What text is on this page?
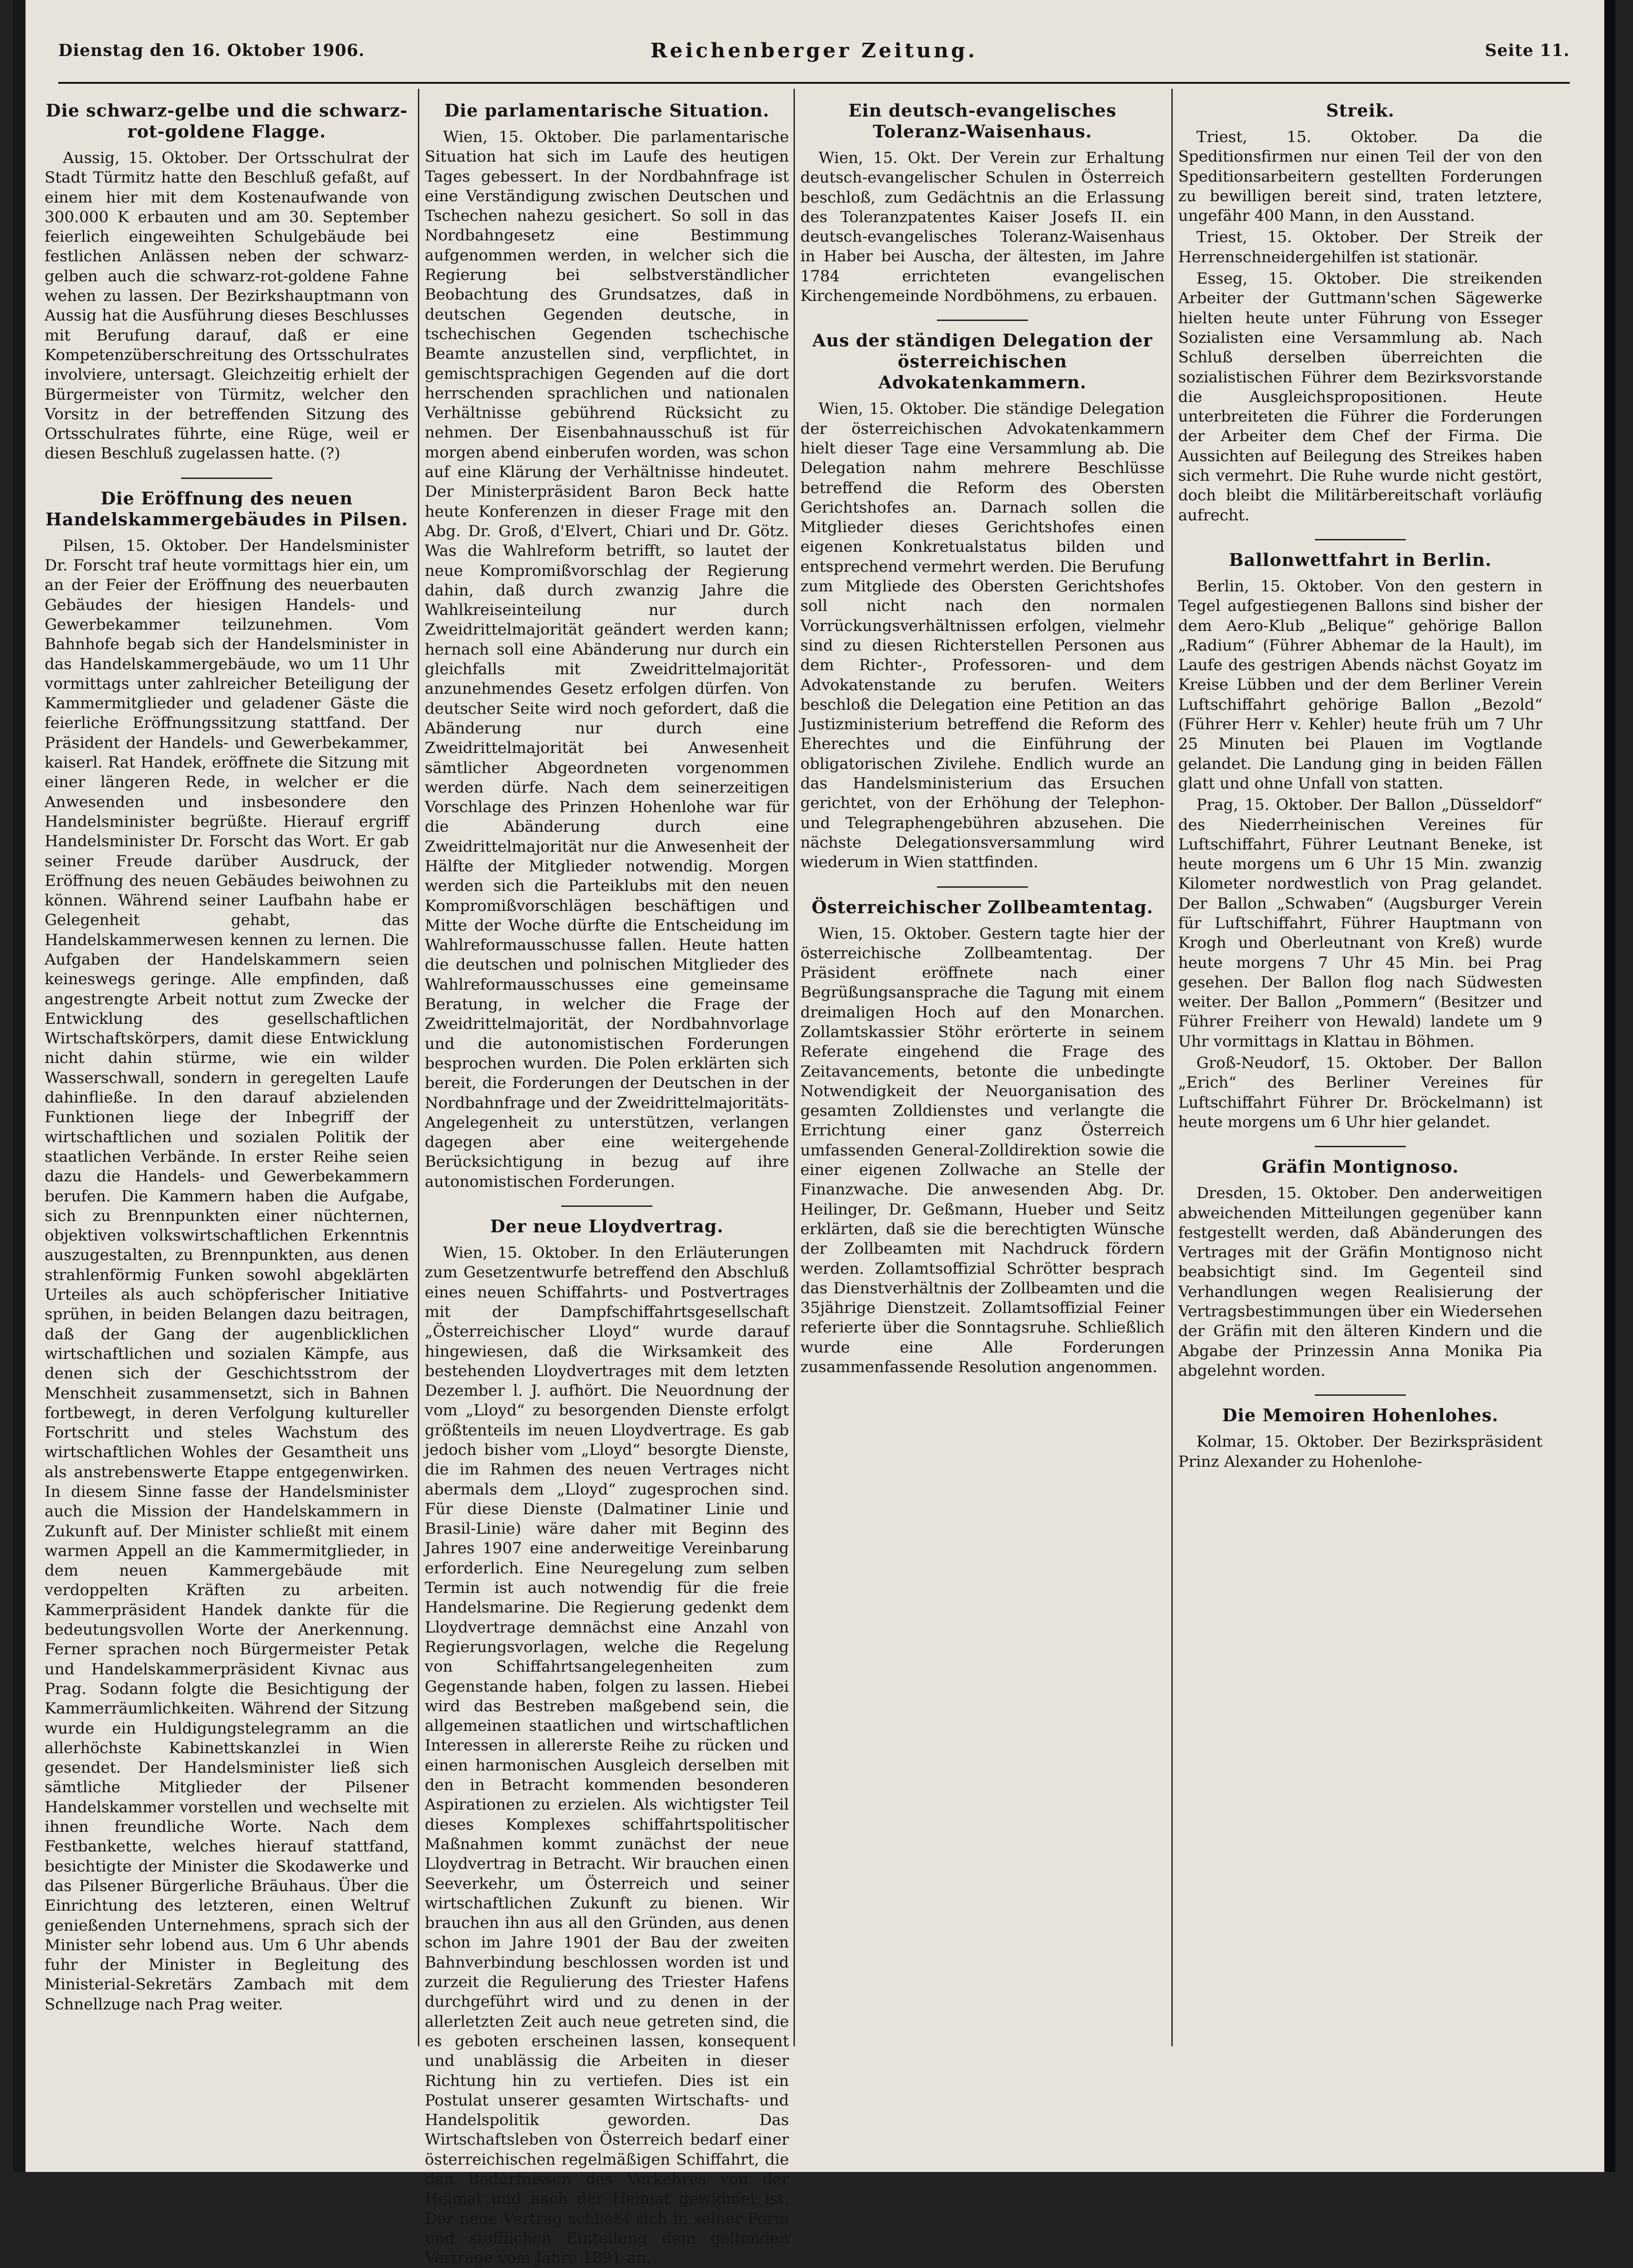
Dienstag den 16. Oktober 1906.	Reichenberger Zeitung.	Seite 11.
Die schwarz-gelbe und die schwarz-rot-goldene Flagge.

Aussig, 15. Oktober. Der Ortsschulrat der Stadt Türmitz hatte den Beschluß gefaßt, auf einem hier mit dem Kostenaufwande von 300.000 K erbauten und am 30. September feierlich eingeweihten Schulgebäude bei festlichen Anlässen neben der schwarz-gelben auch die schwarz-rot-goldene Fahne wehen zu lassen. Der Bezirkshauptmann von Aussig hat die Ausführung dieses Beschlusses mit Berufung darauf, daß er eine Kompetenzüberschreitung des Ortsschulrates involviere, untersagt. Gleichzeitig erhielt der Bürgermeister von Türmitz, welcher den Vorsitz in der betreffenden Sitzung des Ortsschulrates führte, eine Rüge, weil er diesen Beschluß zugelassen hatte. (?)

Die Eröffnung des neuen Handelskammergebäudes in Pilsen.

Pilsen, 15. Oktober. Der Handelsminister Dr. Forscht traf heute vormittags hier ein, um an der Feier der Eröffnung des neuerbauten Gebäudes der hiesigen Handels- und Gewerbekammer teilzunehmen. Vom Bahnhofe begab sich der Handelsminister in das Handelskammergebäude, wo um 11 Uhr vormittags unter zahlreicher Beteiligung der Kammermitglieder und geladener Gäste die feierliche Eröffnungssitzung stattfand. Der Präsident der Handels- und Gewerbekammer, kaiserl. Rat Handek, eröffnete die Sitzung mit einer längeren Rede, in welcher er die Anwesenden und insbesondere den Handelsminister begrüßte. Hierauf ergriff Handelsminister Dr. Forscht das Wort. Er gab seiner Freude darüber Ausdruck, der Eröffnung des neuen Gebäudes beiwohnen zu können. Während seiner Laufbahn habe er Gelegenheit gehabt, das Handelskammerwesen kennen zu lernen. Die Aufgaben der Handelskammern seien keineswegs geringe. Alle empfinden, daß angestrengte Arbeit nottut zum Zwecke der Entwicklung des gesellschaftlichen Wirtschaftskörpers, damit diese Entwicklung nicht dahin stürme, wie ein wilder Wasserschwall, sondern in geregelten Laufe dahinfließe. In den darauf abzielenden Funktionen liege der Inbegriff der wirtschaftlichen und sozialen Politik der staatlichen Verbände. In erster Reihe seien dazu die Handels- und Gewerbekammern berufen. Die Kammern haben die Aufgabe, sich zu Brennpunkten einer nüchternen, objektiven volkswirtschaftlichen Erkenntnis auszugestalten, zu Brennpunkten, aus denen strahlenförmig Funken sowohl abgeklärten Urteiles als auch schöpferischer Initiative sprühen, in beiden Belangen dazu beitragen, daß der Gang der augenblicklichen wirtschaftlichen und sozialen Kämpfe, aus denen sich der Geschichtsstrom der Menschheit zusammensetzt, sich in Bahnen fortbewegt, in deren Verfolgung kultureller Fortschritt und steles Wachstum des wirtschaftlichen Wohles der Gesamtheit uns als anstrebenswerte Etappe entgegenwirken. In diesem Sinne fasse der Handelsminister auch die Mission der Handelskammern in Zukunft auf. Der Minister schließt mit einem warmen Appell an die Kammermitglieder, in dem neuen Kammergebäude mit verdoppelten Kräften zu arbeiten. Kammerpräsident Handek dankte für die bedeutungsvollen Worte der Anerkennung. Ferner sprachen noch Bürgermeister Petak und Handelskammerpräsident Kivnac aus Prag. Sodann folgte die Besichtigung der Kammerräumlichkeiten. Während der Sitzung wurde ein Huldigungstelegramm an die allerhöchste Kabinettskanzlei in Wien gesendet. Der Handelsminister ließ sich sämtliche Mitglieder der Pilsener Handelskammer vorstellen und wechselte mit ihnen freundliche Worte. Nach dem Festbankette, welches hierauf stattfand, besichtigte der Minister die Skodawerke und das Pilsener Bürgerliche Bräuhaus. Über die Einrichtung des letzteren, einen Weltruf genießenden Unternehmens, sprach sich der Minister sehr lobend aus. Um 6 Uhr abends fuhr der Minister in Begleitung des Ministerial-Sekretärs Zambach mit dem Schnellzuge nach Prag weiter.

Die parlamentarische Situation.

Wien, 15. Oktober. Die parlamentarische Situation hat sich im Laufe des heutigen Tages gebessert. In der Nordbahnfrage ist eine Verständigung zwischen Deutschen und Tschechen nahezu gesichert. So soll in das Nordbahngesetz eine Bestimmung aufgenommen werden, in welcher sich die Regierung bei selbstverständlicher Beobachtung des Grundsatzes, daß in deutschen Gegenden deutsche, in tschechischen Gegenden tschechische Beamte anzustellen sind, verpflichtet, in gemischtsprachigen Gegenden auf die dort herrschenden sprachlichen und nationalen Verhältnisse gebührend Rücksicht zu nehmen. Der Eisenbahnausschuß ist für morgen abend einberufen worden, was schon auf eine Klärung der Verhältnisse hindeutet. Der Ministerpräsident Baron Beck hatte heute Konferenzen in dieser Frage mit den Abg. Dr. Groß, d'Elvert, Chiari und Dr. Götz. Was die Wahlreform betrifft, so lautet der neue Kompromißvorschlag der Regierung dahin, daß durch zwanzig Jahre die Wahlkreiseinteilung nur durch Zweidrittelmajorität geändert werden kann; hernach soll eine Abänderung nur durch ein gleichfalls mit Zweidrittelmajorität anzunehmendes Gesetz erfolgen dürfen. Von deutscher Seite wird noch gefordert, daß die Abänderung nur durch eine Zweidrittelmajorität bei Anwesenheit sämtlicher Abgeordneten vorgenommen werden dürfe. Nach dem seinerzeitigen Vorschlage des Prinzen Hohenlohe war für die Abänderung durch eine Zweidrittelmajorität nur die Anwesenheit der Hälfte der Mitglieder notwendig. Morgen werden sich die Parteiklubs mit den neuen Kompromißvorschlägen beschäftigen und Mitte der Woche dürfte die Entscheidung im Wahlreformausschusse fallen. Heute hatten die deutschen und polnischen Mitglieder des Wahlreformausschusses eine gemeinsame Beratung, in welcher die Frage der Zweidrittelmajorität, der Nordbahnvorlage und die autonomistischen Forderungen besprochen wurden. Die Polen erklärten sich bereit, die Forderungen der Deutschen in der Nordbahnfrage und der Zweidrittelmajoritäts-Angelegenheit zu unterstützen, verlangen dagegen aber eine weitergehende Berücksichtigung in bezug auf ihre autonomistischen Forderungen.

Der neue Lloydvertrag.

Wien, 15. Oktober. In den Erläuterungen zum Gesetzentwurfe betreffend den Abschluß eines neuen Schiffahrts- und Postvertrages mit der Dampfschiffahrtsgesellschaft „Österreichischer Lloyd“ wurde darauf hingewiesen, daß die Wirksamkeit des bestehenden Lloydvertrages mit dem letzten Dezember l. J. aufhört. Die Neuordnung der vom „Lloyd“ zu besorgenden Dienste erfolgt größtenteils im neuen Lloydvertrage. Es gab jedoch bisher vom „Lloyd“ besorgte Dienste, die im Rahmen des neuen Vertrages nicht abermals dem „Lloyd“ zugesprochen sind. Für diese Dienste (Dalmatiner Linie und Brasil-Linie) wäre daher mit Beginn des Jahres 1907 eine anderweitige Vereinbarung erforderlich. Eine Neuregelung zum selben Termin ist auch notwendig für die freie Handelsmarine. Die Regierung gedenkt dem Lloydvertrage demnächst eine Anzahl von Regierungsvorlagen, welche die Regelung von Schiffahrtsangelegenheiten zum Gegenstande haben, folgen zu lassen. Hiebei wird das Bestreben maßgebend sein, die allgemeinen staatlichen und wirtschaftlichen Interessen in allererste Reihe zu rücken und einen harmonischen Ausgleich derselben mit den in Betracht kommenden besonderen Aspirationen zu erzielen. Als wichtigster Teil dieses Komplexes schiffahrtspolitischer Maßnahmen kommt zunächst der neue Lloydvertrag in Betracht. Wir brauchen einen Seeverkehr, um Österreich und seiner wirtschaftlichen Zukunft zu bienen. Wir brauchen ihn aus all den Gründen, aus denen schon im Jahre 1901 der Bau der zweiten Bahnverbindung beschlossen worden ist und zurzeit die Regulierung des Triester Hafens durchgeführt wird und zu denen in der allerletzten Zeit auch neue getreten sind, die es geboten erscheinen lassen, konsequent und unablässig die Arbeiten in dieser Richtung hin zu vertiefen. Dies ist ein Postulat unserer gesamten Wirtschafts- und Handelspolitik geworden. Das Wirtschaftsleben von Österreich bedarf einer österreichischen regelmäßigen Schiffahrt, die den Bedürfnissen des Verkehres von der Heimat und nach der Heimat gewidmet ist. Der neue Vertrag schließt sich in seiner Form und stofflichen Einteilung dem geltenden Vertrage vom Jahre 1891 an.

Ein deutsch-evangelisches Toleranz-Waisenhaus.

Wien, 15. Okt. Der Verein zur Erhaltung deutsch-evangelischer Schulen in Österreich beschloß, zum Gedächtnis an die Erlassung des Toleranzpatentes Kaiser Josefs II. ein deutsch-evangelisches Toleranz-Waisenhaus in Haber bei Auscha, der ältesten, im Jahre 1784 errichteten evangelischen Kirchengemeinde Nordböhmens, zu erbauen.

Aus der ständigen Delegation der österreichischen Advokatenkammern.

Wien, 15. Oktober. Die ständige Delegation der österreichischen Advokatenkammern hielt dieser Tage eine Versammlung ab. Die Delegation nahm mehrere Beschlüsse betreffend die Reform des Obersten Gerichtshofes an. Darnach sollen die Mitglieder dieses Gerichtshofes einen eigenen Konkretualstatus bilden und entsprechend vermehrt werden. Die Berufung zum Mitgliede des Obersten Gerichtshofes soll nicht nach den normalen Vorrückungsverhältnissen erfolgen, vielmehr sind zu diesen Richterstellen Personen aus dem Richter-, Professoren- und dem Advokatenstande zu berufen. Weiters beschloß die Delegation eine Petition an das Justizministerium betreffend die Reform des Eherechtes und die Einführung der obligatorischen Zivilehe. Endlich wurde an das Handelsministerium das Ersuchen gerichtet, von der Erhöhung der Telephon- und Telegraphengebühren abzusehen. Die nächste Delegationsversammlung wird wiederum in Wien stattfinden.

Österreichischer Zollbeamtentag.

Wien, 15. Oktober. Gestern tagte hier der österreichische Zollbeamtentag. Der Präsident eröffnete nach einer Begrüßungsansprache die Tagung mit einem dreimaligen Hoch auf den Monarchen. Zollamtskassier Stöhr erörterte in seinem Referate eingehend die Frage des Zeitavancements, betonte die unbedingte Notwendigkeit der Neuorganisation des gesamten Zolldienstes und verlangte die Errichtung einer ganz Österreich umfassenden General-Zolldirektion sowie die einer eigenen Zollwache an Stelle der Finanzwache. Die anwesenden Abg. Dr. Heilinger, Dr. Geßmann, Hueber und Seitz erklärten, daß sie die berechtigten Wünsche der Zollbeamten mit Nachdruck fördern werden. Zollamtsoffizial Schrötter besprach das Dienstverhältnis der Zollbeamten und die 35jährige Dienstzeit. Zollamtsoffizial Feiner referierte über die Sonntagsruhe. Schließlich wurde eine Alle Forderungen zusammenfassende Resolution angenommen.

Streik.

Triest, 15. Oktober. Da die Speditionsfirmen nur einen Teil der von den Speditionsarbeitern gestellten Forderungen zu bewilligen bereit sind, traten letztere, ungefähr 400 Mann, in den Ausstand.

Triest, 15. Oktober. Der Streik der Herrenschneidergehilfen ist stationär.

Esseg, 15. Oktober. Die streikenden Arbeiter der Guttmann'schen Sägewerke hielten heute unter Führung von Esseger Sozialisten eine Versammlung ab. Nach Schluß derselben überreichten die sozialistischen Führer dem Bezirksvorstande die Ausgleichspropositionen. Heute unterbreiteten die Führer die Forderungen der Arbeiter dem Chef der Firma. Die Aussichten auf Beilegung des Streikes haben sich vermehrt. Die Ruhe wurde nicht gestört, doch bleibt die Militärbereitschaft vorläufig aufrecht.

Ballonwettfahrt in Berlin.

Berlin, 15. Oktober. Von den gestern in Tegel aufgestiegenen Ballons sind bisher der dem Aero-Klub „Belique“ gehörige Ballon „Radium“ (Führer Abhemar de la Hault), im Laufe des gestrigen Abends nächst Goyatz im Kreise Lübben und der dem Berliner Verein Luftschiffahrt gehörige Ballon „Bezold“ (Führer Herr v. Kehler) heute früh um 7 Uhr 25 Minuten bei Plauen im Vogtlande gelandet. Die Landung ging in beiden Fällen glatt und ohne Unfall von statten.

Prag, 15. Oktober. Der Ballon „Düsseldorf“ des Niederrheinischen Vereines für Luftschiffahrt, Führer Leutnant Beneke, ist heute morgens um 6 Uhr 15 Min. zwanzig Kilometer nordwestlich von Prag gelandet. Der Ballon „Schwaben“ (Augsburger Verein für Luftschiffahrt, Führer Hauptmann von Krogh und Oberleutnant von Kreß) wurde heute morgens 7 Uhr 45 Min. bei Prag gesehen. Der Ballon flog nach Südwesten weiter. Der Ballon „Pommern“ (Besitzer und Führer Freiherr von Hewald) landete um 9 Uhr vormittags in Klattau in Böhmen.

Groß-Neudorf, 15. Oktober. Der Ballon „Erich“ des Berliner Vereines für Luftschiffahrt Führer Dr. Bröckelmann) ist heute morgens um 6 Uhr hier gelandet.

Gräfin Montignoso.

Dresden, 15. Oktober. Den anderweitigen abweichenden Mitteilungen gegenüber kann festgestellt werden, daß Abänderungen des Vertrages mit der Gräfin Montignoso nicht beabsichtigt sind. Im Gegenteil sind Verhandlungen wegen Realisierung der Vertragsbestimmungen über ein Wiedersehen der Gräfin mit den älteren Kindern und die Abgabe der Prinzessin Anna Monika Pia abgelehnt worden.

Die Memoiren Hohenlohes.

Kolmar, 15. Oktober. Der Bezirkspräsident Prinz Alexander zu Hohenlohe-
